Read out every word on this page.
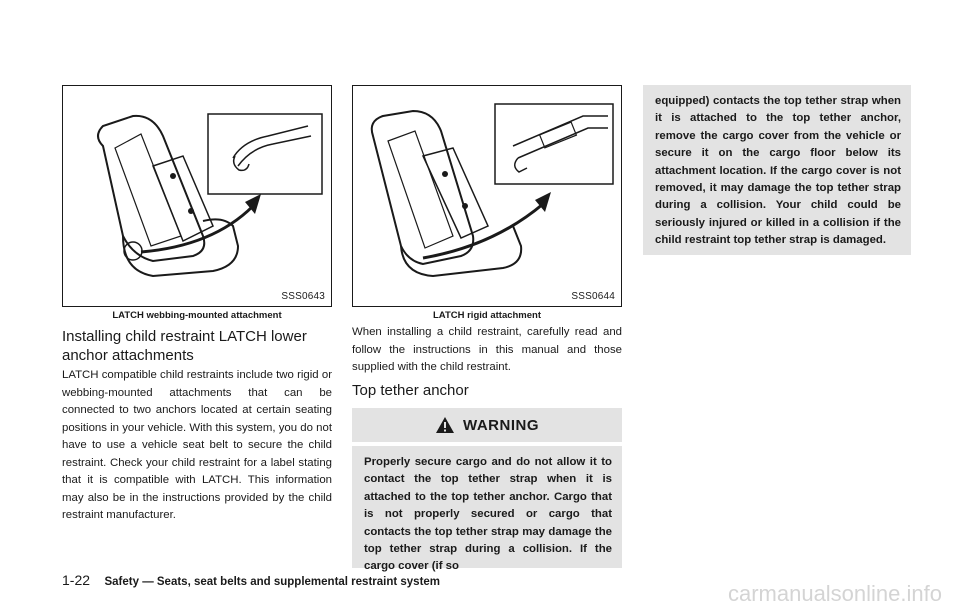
SSS0643
LATCH webbing-mounted attachment
SSS0644
LATCH rigid attachment
Installing child restraint LATCH lower anchor attachments
LATCH compatible child restraints include two rigid or webbing-mounted attachments that can be connected to two anchors located at certain seating positions in your vehicle. With this system, you do not have to use a vehicle seat belt to secure the child restraint. Check your child restraint for a label stating that it is compatible with LATCH. This information may also be in the instructions provided by the child restraint manufacturer.
When installing a child restraint, carefully read and follow the instructions in this manual and those supplied with the child restraint.
Top tether anchor
WARNING
Properly secure cargo and do not allow it to contact the top tether strap when it is attached to the top tether anchor. Cargo that is not properly secured or cargo that contacts the top tether strap may damage the top tether strap during a collision. If the cargo cover (if so
equipped) contacts the top tether strap when it is attached to the top tether anchor, remove the cargo cover from the vehicle or secure it on the cargo floor below its attachment location. If the cargo cover is not removed, it may damage the top tether strap during a collision. Your child could be seriously injured or killed in a collision if the child restraint top tether strap is damaged.
1-22 Safety — Seats, seat belts and supplemental restraint system	carmanualsonline.info
